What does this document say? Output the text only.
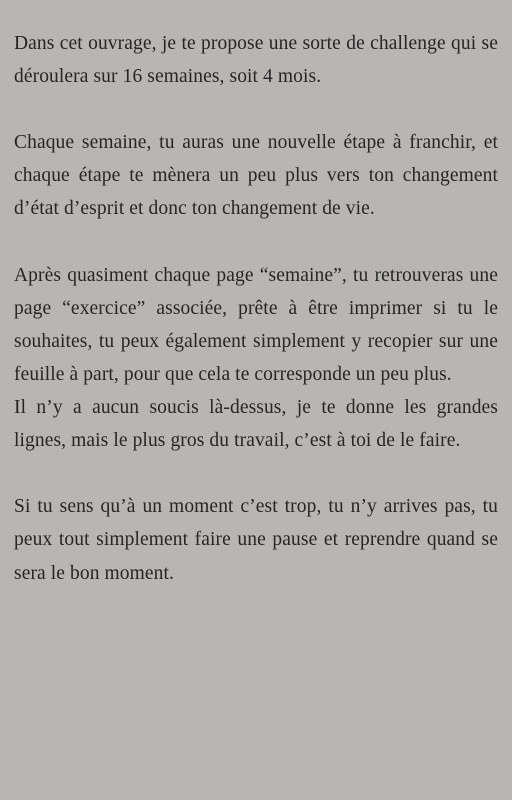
Dans cet ouvrage, je te propose une sorte de challenge qui se déroulera sur 16 semaines, soit 4 mois.

Chaque semaine, tu auras une nouvelle étape à franchir, et chaque étape te mènera un peu plus vers ton changement d’état d’esprit et donc ton changement de vie.

Après quasiment chaque page “semaine”, tu retrouveras une page “exercice” associée, prête à être imprimer si tu le souhaites, tu peux également simplement y recopier sur une feuille à part, pour que cela te corresponde un peu plus.

Il n’y a aucun soucis là-dessus, je te donne les grandes lignes, mais le plus gros du travail, c’est à toi de le faire.

Si tu sens qu’à un moment c’est trop, tu n’y arrives pas, tu peux tout simplement faire une pause et reprendre quand se sera le bon moment.
